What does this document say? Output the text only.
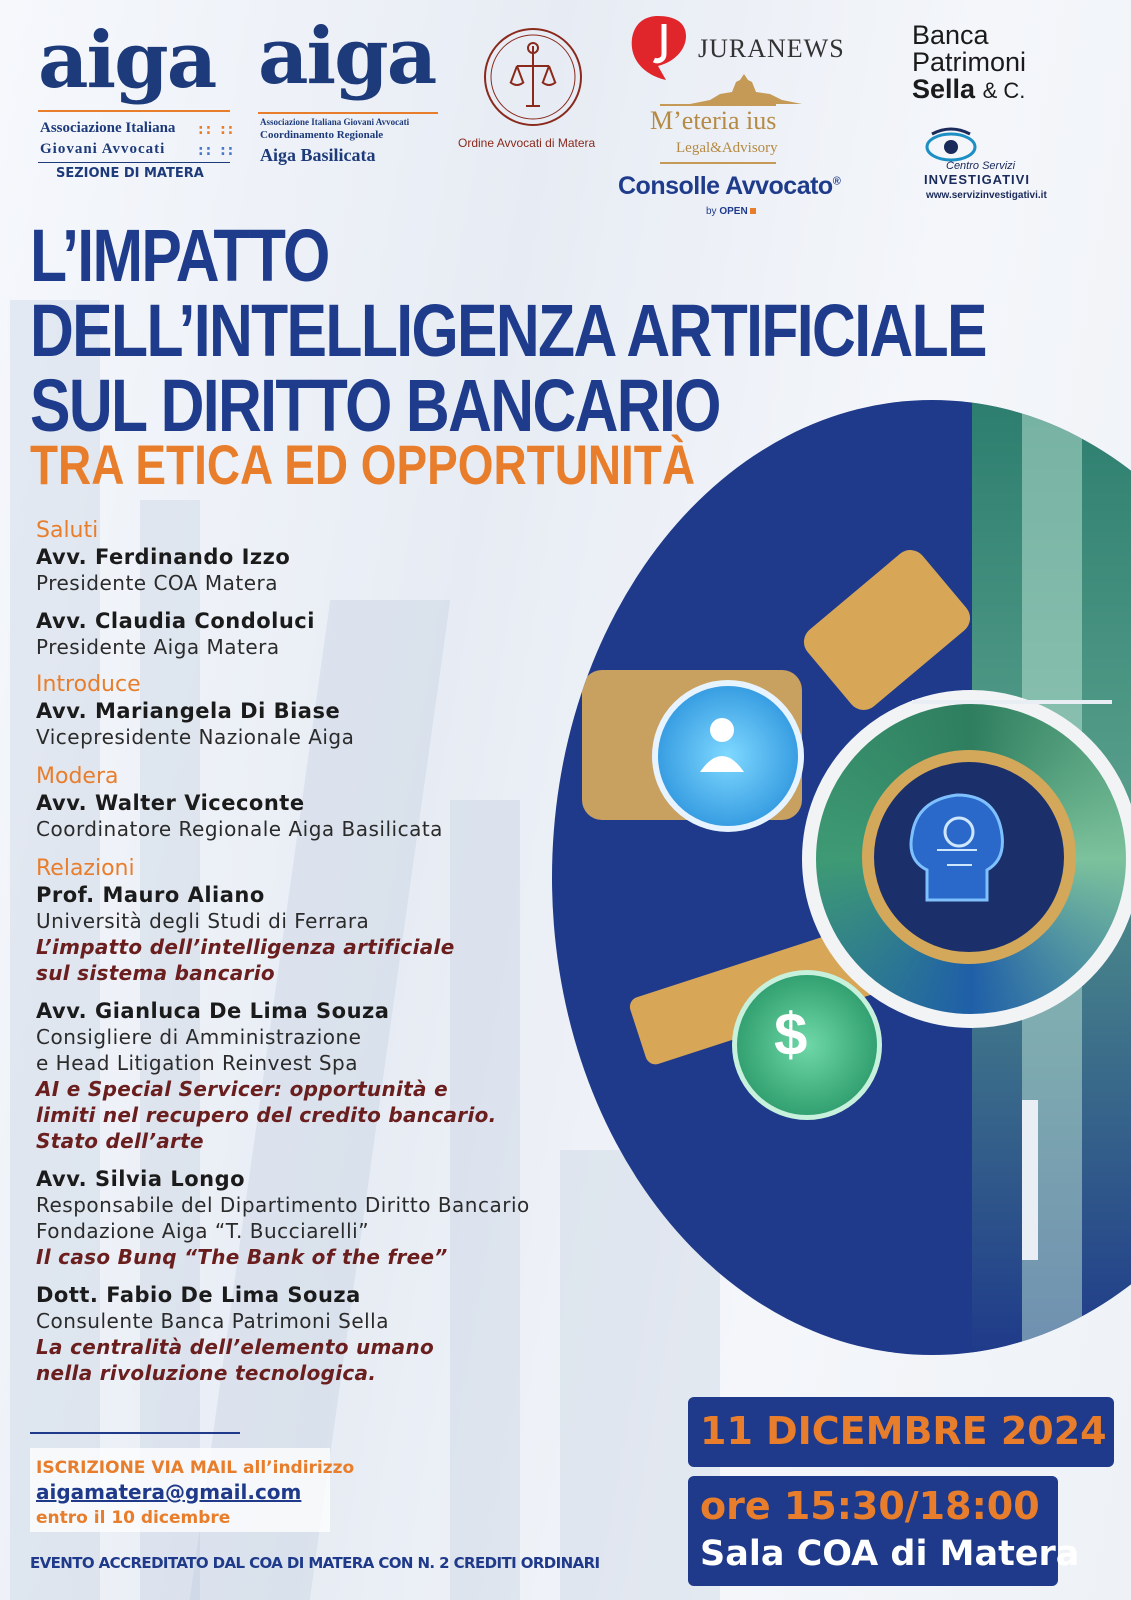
aiga
Associazione Italiana
Giovani Avvocati
:: ::
:: ::
SEZIONE DI MATERA
aiga
Associazione Italiana Giovani Avvocati
Coordinamento Regionale
Aiga Basilicata
Ordine Avvocati di Matera
JURANEWS
M’eteria ius
Legal&Advisory
Consolle Avvocato®
by OPEN
Banca
Patrimoni
Sella & C.
Centro Servizi
INVESTIGATIVI
www.servizinvestigativi.it
L’IMPATTO
DELL’INTELLIGENZA ARTIFICIALE
SUL DIRITTO BANCARIO
TRA ETICA ED OPPORTUNITÀ
$
Saluti
Avv. Ferdinando Izzo
Presidente COA Matera
Avv. Claudia Condoluci
Presidente Aiga Matera
Introduce
Avv. Mariangela Di Biase
Vicepresidente Nazionale Aiga
Modera
Avv. Walter Viceconte
Coordinatore Regionale Aiga Basilicata
Relazioni
Prof. Mauro Aliano
Università degli Studi di Ferrara
L’impatto dell’intelligenza artificiale
sul sistema bancario
Avv. Gianluca De Lima Souza
Consigliere di Amministrazione
e Head Litigation Reinvest Spa
AI e Special Servicer: opportunità e
limiti nel recupero del credito bancario.
Stato dell’arte
Avv. Silvia Longo
Responsabile del Dipartimento Diritto Bancario
Fondazione Aiga “T. Bucciarelli”
Il caso Bunq “The Bank of the free”
Dott. Fabio De Lima Souza
Consulente Banca Patrimoni Sella
La centralità dell’elemento umano
nella rivoluzione tecnologica.
ISCRIZIONE VIA MAIL all’indirizzo
aigamatera@gmail.com
entro il 10 dicembre
EVENTO ACCREDITATO DAL COA DI MATERA CON N. 2 CREDITI ORDINARI
11 DICEMBRE 2024
ore 15:30/18:00
Sala COA di Matera
